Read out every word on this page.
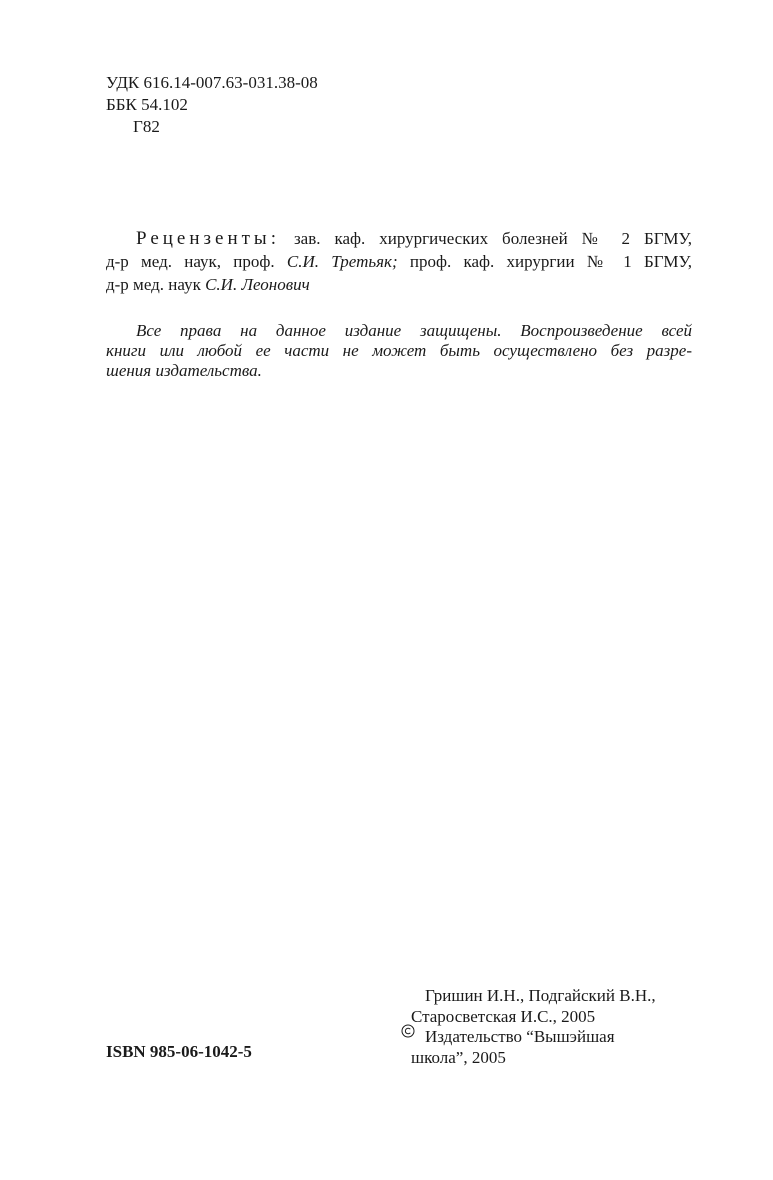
УДК 616.14-007.63-031.38-08
ББК 54.102
Г82
Рецензенты: зав. каф. хирургических болезней № 2 БГМУ,
д-р мед. наук, проф. С.И. Третьяк; проф. каф. хирургии № 1 БГМУ,
д-р мед. наук С.И. Леонович
Все права на данное издание защищены. Воспроизведение всей
книги или любой ее части не может быть осуществлено без разре-
шения издательства.
ISBN 985-06-1042-5
Гришин И.Н., Подгайский В.Н.,
Старосветская И.С., 2005
Издательство “Вышэйшая
школа”, 2005
